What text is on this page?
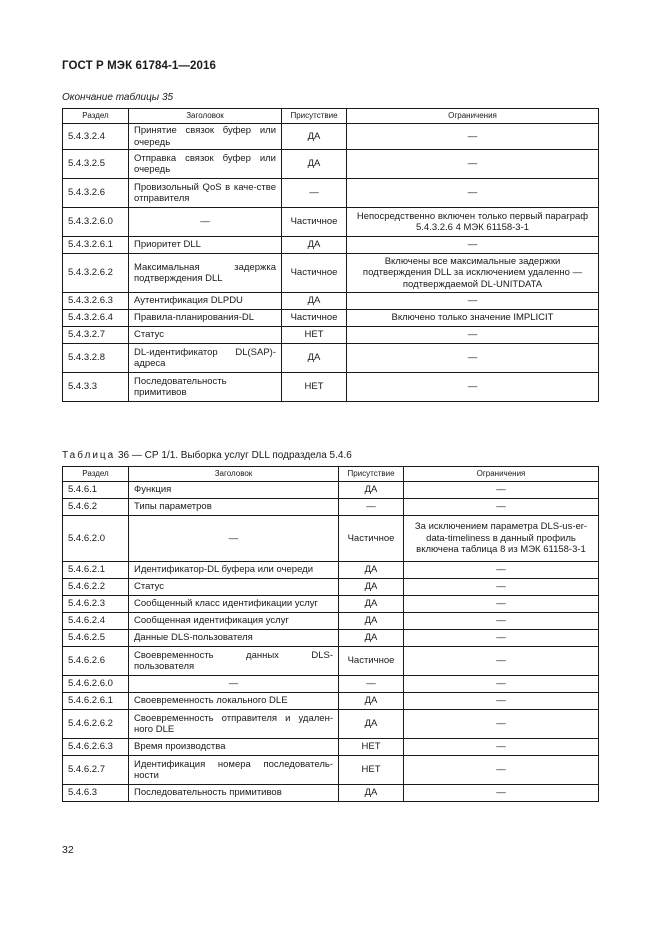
ГОСТ Р МЭК 61784-1—2016
Окончание таблицы 35
Раздел	Заголовок	Присутствие	Ограничения
5.4.3.2.4	Принятие связок буфер или очередь	ДА	—
5.4.3.2.5	Отправка связок буфер или очередь	ДА	—
5.4.3.2.6	Провизольный QoS в каче-стве отправителя	—	—
5.4.3.2.6.0	—	Частичное	Непосредственно включен только первый параграф 5.4.3.2.6 4 МЭК 61158-3-1
5.4.3.2.6.1	Приоритет DLL	ДА	—
5.4.3.2.6.2	Максимальная задержка подтверждения DLL	Частичное	Включены все максимальные задержки подтверждения DLL за исключением удаленно — подтверждаемой DL-UNITDATA
5.4.3.2.6.3	Аутентификация DLPDU	ДА	—
5.4.3.2.6.4	Правила-планирования-DL	Частичное	Включено только значение IMPLICIT
5.4.3.2.7	Статус	НЕТ	—
5.4.3.2.8	DL-идентификатор DL(SAP)-адреса	ДА	—
5.4.3.3	Последовательность примитивов	НЕТ	—
Таблица 36 — СР 1/1. Выборка услуг DLL подраздела 5.4.6
Раздел	Заголовок	Присутствие	Ограничения
5.4.6.1	Функция	ДА	—
5.4.6.2	Типы параметров	—	—
5.4.6.2.0	—	Частичное	За исключением параметра DLS-us-er- data-timeliness в данный профиль включена таблица 8 из МЭК 61158-3-1
5.4.6.2.1	Идентификатор-DL буфера или очереди	ДА	—
5.4.6.2.2	Статус	ДА	—
5.4.6.2.3	Сообщенный класс идентификации услуг	ДА	—
5.4.6.2.4	Сообщенная идентификация услуг	ДА	—
5.4.6.2.5	Данные DLS-пользователя	ДА	—
5.4.6.2.6	Своевременность данных DLS-пользователя	Частичное	—
5.4.6.2.6.0	—	—	—
5.4.6.2.6.1	Своевременность локального DLE	ДА	—
5.4.6.2.6.2	Своевременность отправителя и удален-ного DLE	ДА	—
5.4.6.2.6.3	Время производства	НЕТ	—
5.4.6.2.7	Идентификация номера последователь-ности	НЕТ	—
5.4.6.3	Последовательность примитивов	ДА	—
32
